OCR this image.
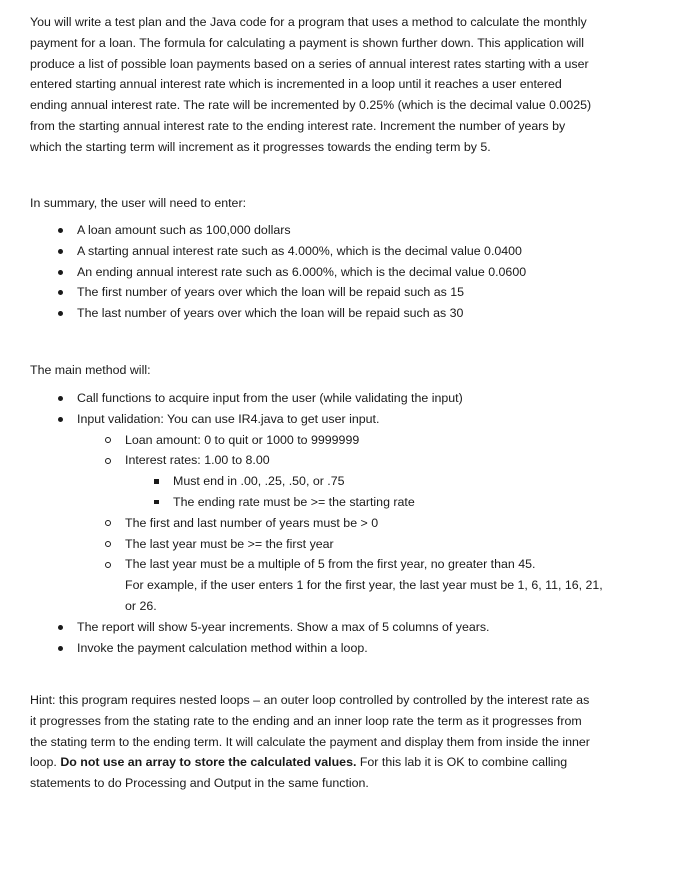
You will write a test plan and the Java code for a program that uses a method to calculate the monthly
payment for a loan. The formula for calculating a payment is shown further down. This application will
produce a list of possible loan payments based on a series of annual interest rates starting with a user
entered starting annual interest rate which is incremented in a loop until it reaches a user entered
ending annual interest rate. The rate will be incremented by 0.25% (which is the decimal value 0.0025)
from the starting annual interest rate to the ending interest rate. Increment the number of years by
which the starting term will increment as it progresses towards the ending term by 5.

In summary, the user will need to enter:

A loan amount such as 100,000 dollars
A starting annual interest rate such as 4.000%, which is the decimal value 0.0400
An ending annual interest rate such as 6.000%, which is the decimal value 0.0600
The first number of years over which the loan will be repaid such as 15
The last number of years over which the loan will be repaid such as 30

The main method will:

Call functions to acquire input from the user (while validating the input)
Input validation: You can use IR4.java to get user input.
Loan amount: 0 to quit or 1000 to 9999999
Interest rates: 1.00 to 8.00
Must end in .00, .25, .50, or .75
The ending rate must be >= the starting rate
The first and last number of years must be > 0
The last year must be >= the first year
The last year must be a multiple of 5 from the first year, no greater than 45.
For example, if the user enters 1 for the first year, the last year must be 1, 6, 11, 16, 21,
or 26.
The report will show 5-year increments. Show a max of 5 columns of years.
Invoke the payment calculation method within a loop.
Hint: this program requires nested loops – an outer loop controlled by controlled by the interest rate as
it progresses from the stating rate to the ending and an inner loop rate the term as it progresses from
the stating term to the ending term. It will calculate the payment and display them from inside the inner
loop. Do not use an array to store the calculated values. For this lab it is OK to combine calling
statements to do Processing and Output in the same function.
